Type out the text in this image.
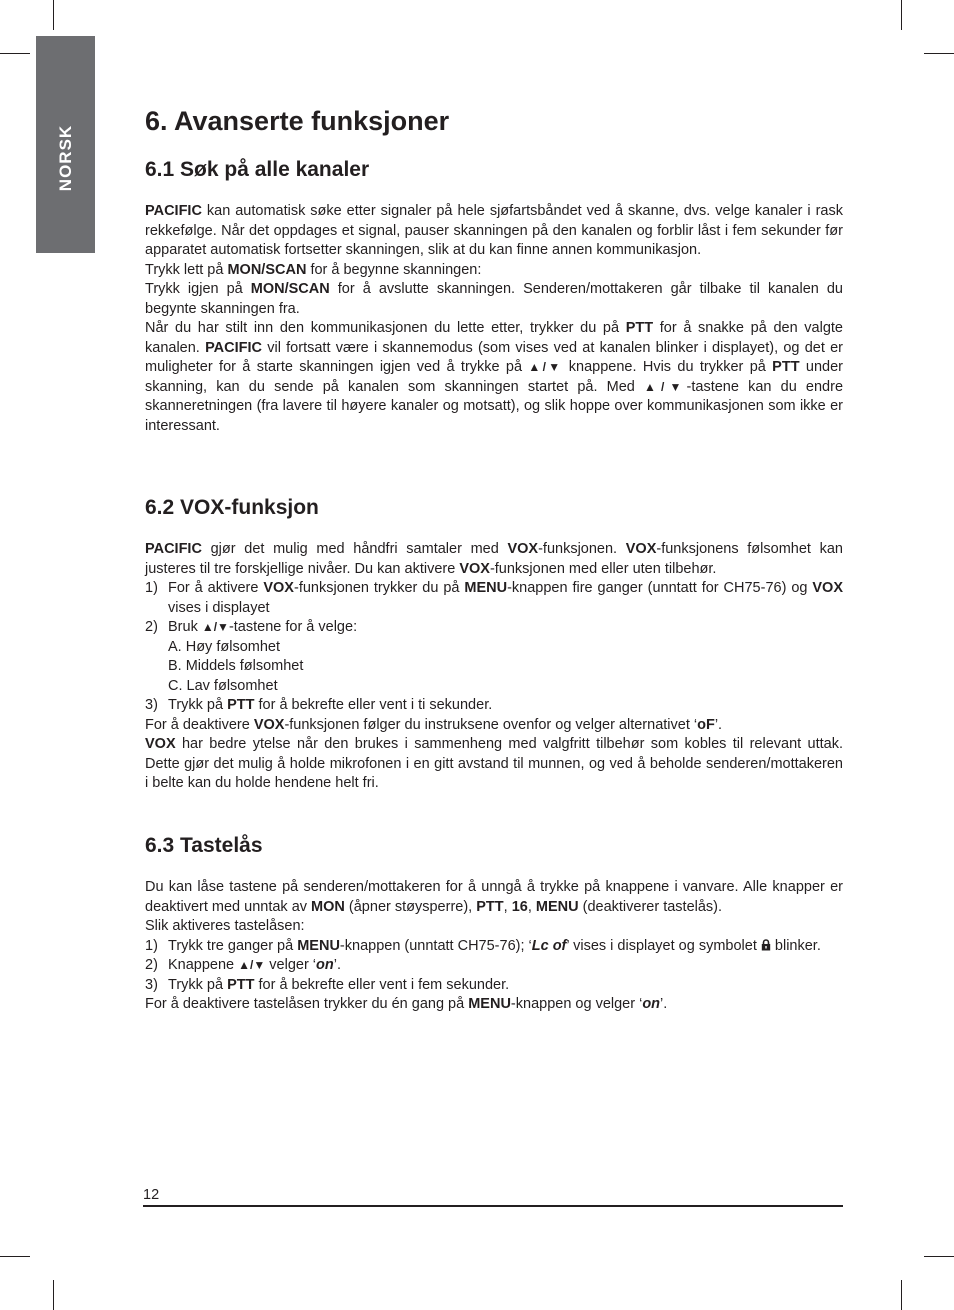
NORSK
6. Avanserte funksjoner
6.1 Søk på alle kanaler

PACIFIC kan automatisk søke etter signaler på hele sjøfartsbåndet ved å skanne, dvs. velge kanaler i rask rekkefølge. Når det oppdages et signal, pauser skanningen på den kanalen og forblir låst i fem sekunder før apparatet automatisk fortsetter skanningen, slik at du kan finne annen kommunikasjon.

Trykk lett på MON/SCAN for å begynne skanningen:

Trykk igjen på MON/SCAN for å avslutte skanningen. Senderen/mottakeren går tilbake til kanalen du begynte skanningen fra.

Når du har stilt inn den kommunikasjonen du lette etter, trykker du på PTT for å snakke på den valgte kanalen. PACIFIC vil fortsatt være i skannemodus (som vises ved at kanalen blinker i displayet), og det er muligheter for å starte skanningen igjen ved å trykke på ▲/▼ knappene. Hvis du trykker på PTT under skanning, kan du sende på kanalen som skanningen startet på. Med ▲/▼-tastene kan du endre skanneretningen (fra lavere til høyere kanaler og motsatt), og slik hoppe over kommunikasjonen som ikke er interessant.

6.2 VOX-funksjon

PACIFIC gjør det mulig med håndfri samtaler med VOX-funksjonen. VOX-funksjonens følsomhet kan justeres til tre forskjellige nivåer. Du kan aktivere VOX-funksjonen med eller uten tilbehør.

1) For å aktivere VOX-funksjonen trykker du på MENU-knappen fire ganger (unntatt for CH75-76) og VOX vises i displayet
2) Bruk ▲/▼-tastene for å velge:

A. Høy følsomhet

B. Middels følsomhet

C. Lav følsomhet

3) Trykk på PTT for å bekrefte eller vent i ti sekunder.

For å deaktivere VOX-funksjonen følger du instruksene ovenfor og velger alternativet ‘oF’.

VOX har bedre ytelse når den brukes i sammenheng med valgfritt tilbehør som kobles til relevant uttak. Dette gjør det mulig å holde mikrofonen i en gitt avstand til munnen, og ved å beholde senderen/mottakeren i belte kan du holde hendene helt fri.

6.3 Tastelås

Du kan låse tastene på senderen/mottakeren for å unngå å trykke på knappene i vanvare. Alle knapper er deaktivert med unntak av MON (åpner støysperre), PTT, 16, MENU (deaktiverer tastelås).

Slik aktiveres tastelåsen:

1) Trykk tre ganger på MENU-knappen (unntatt CH75-76); ‘Lc of’ vises i displayet og symbolet  blinker.
2) Knappene ▲/▼ velger ‘on’.
3) Trykk på PTT for å bekrefte eller vent i fem sekunder.

For å deaktivere tastelåsen trykker du én gang på MENU-knappen og velger ‘on’.

12
